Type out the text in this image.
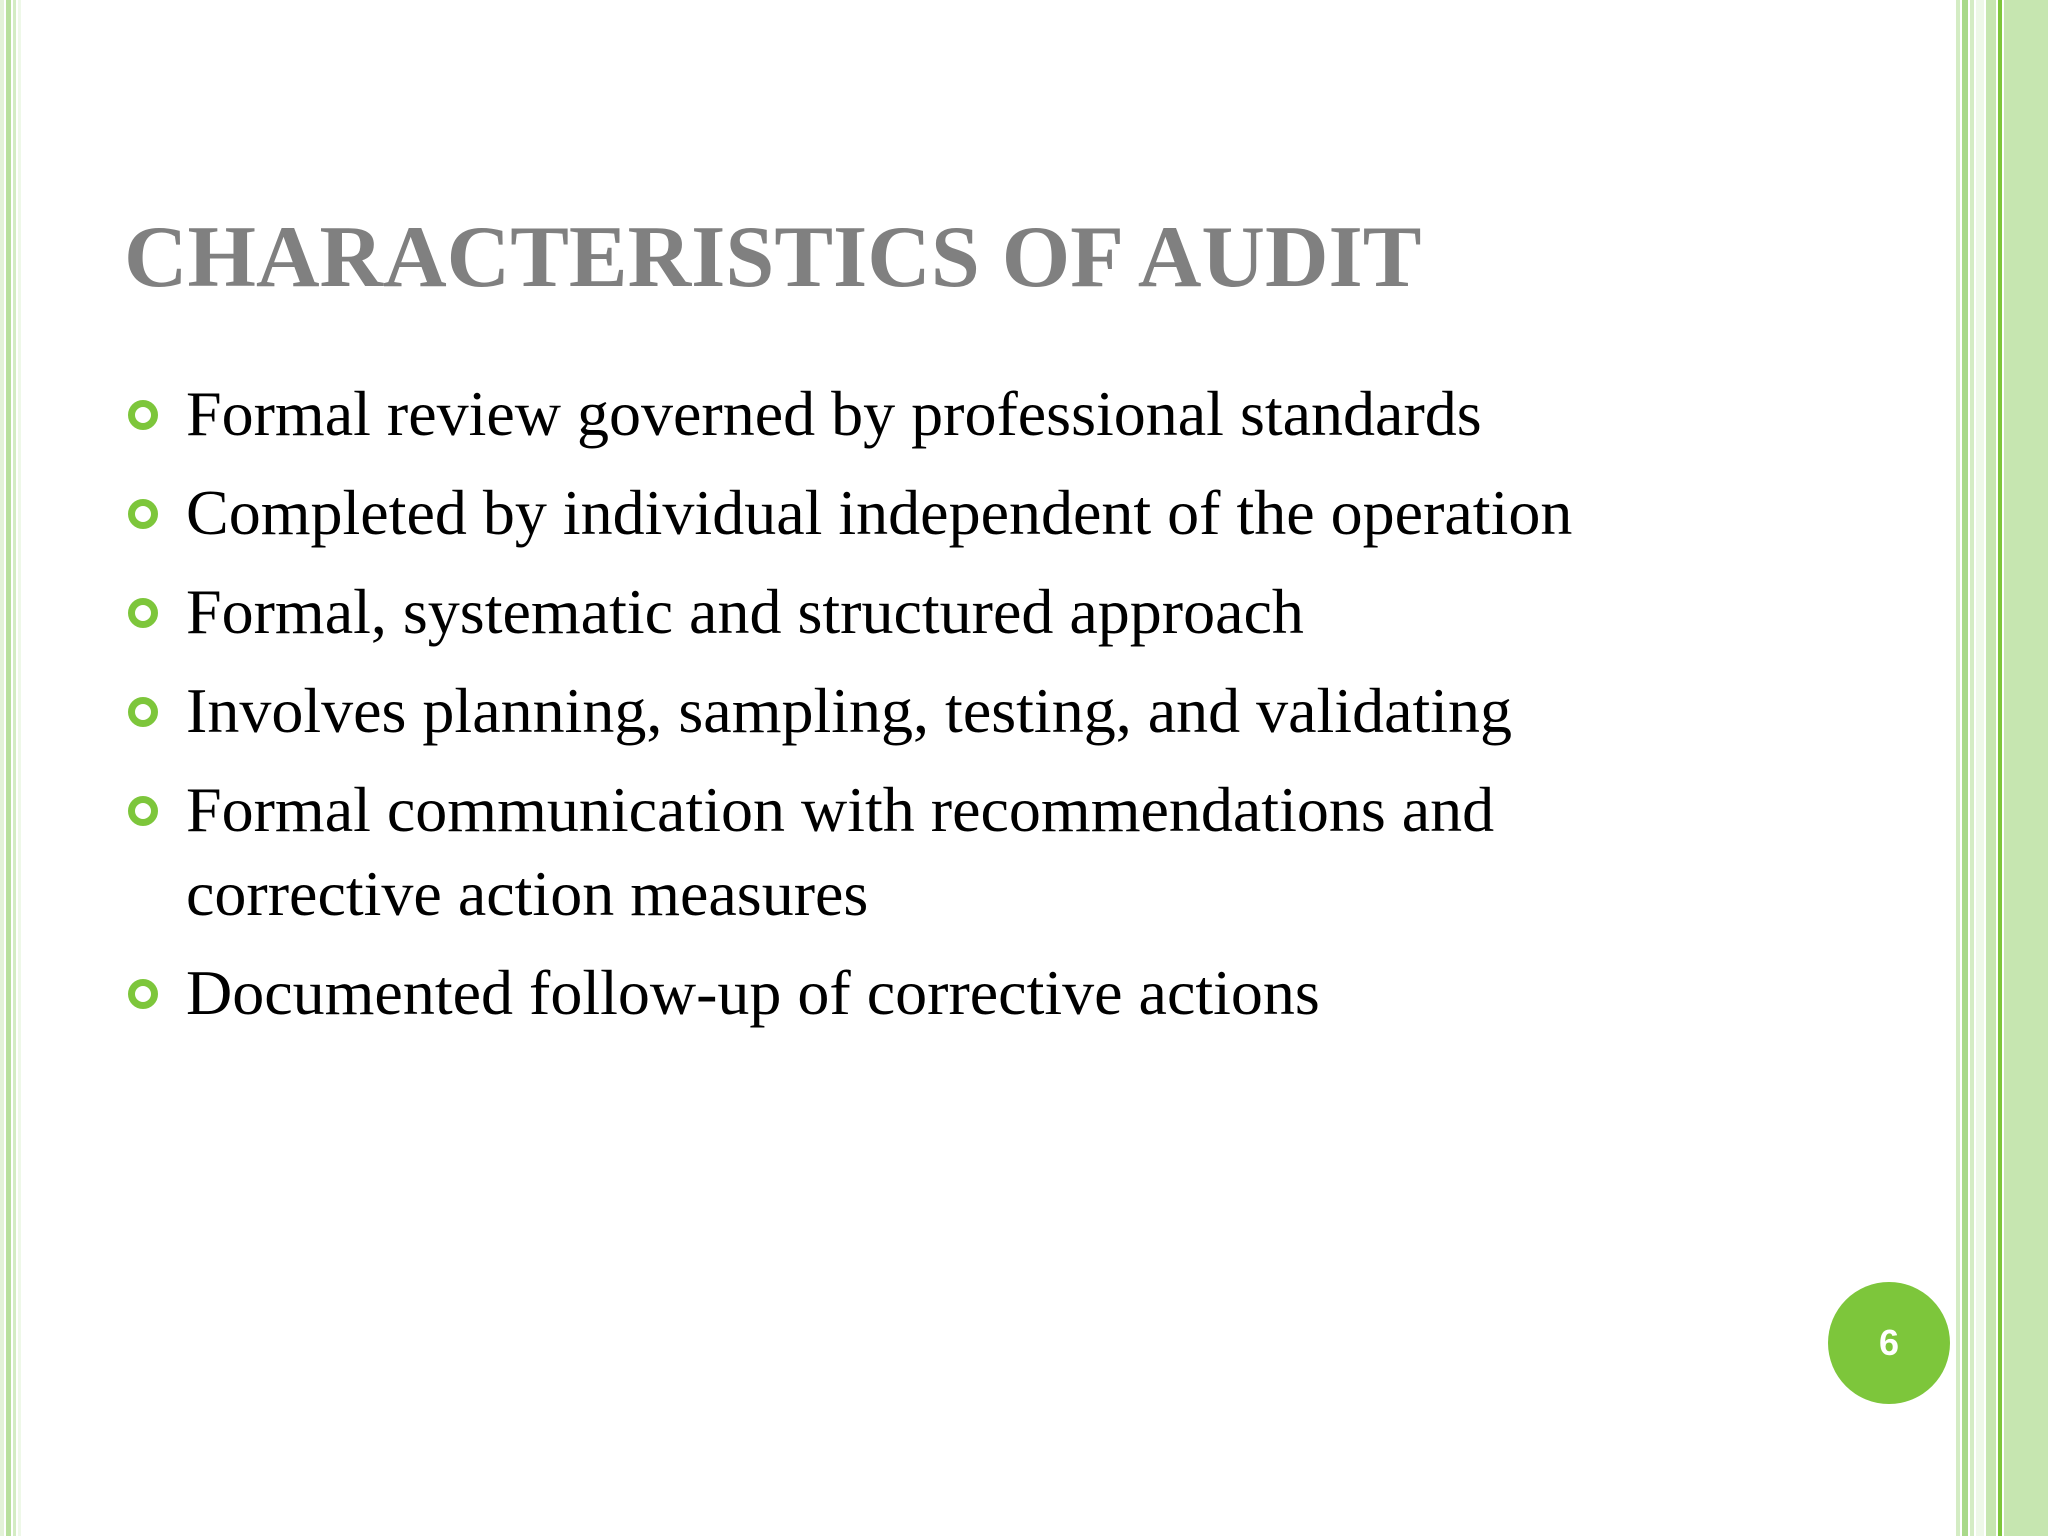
CHARACTERISTICS OF AUDIT
Formal review governed by professional standards
Completed by individual independent of the operation
Formal, systematic and structured approach
Involves planning, sampling, testing, and validating
Formal communication with recommendations and corrective action measures
Documented follow-up of corrective actions
6
